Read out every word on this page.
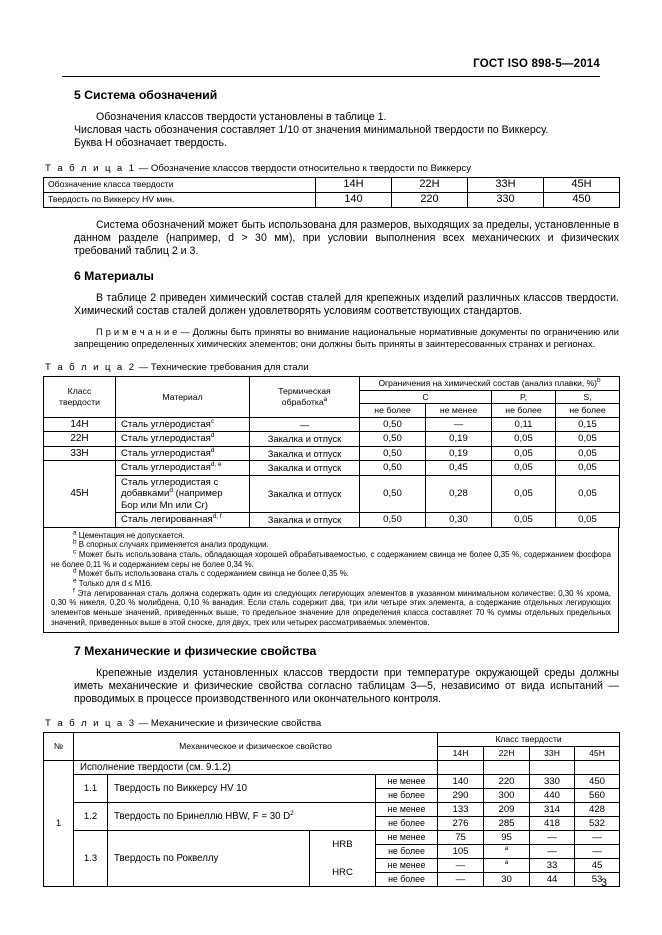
ГОСТ ISO 898-5—2014
5 Система обозначений

Обозначения классов твердости установлены в таблице 1.

Числовая часть обозначения составляет 1/10 от значения минимальной твердости по Виккерсу.

Буква H обозначает твердость.

Т а б л и ц а 1 — Обозначение классов твердости относительно к твердости по Виккерсу
Обозначение класса твердости	14H	22H	33H	45H
Твердость по Виккерсу HV мин.	140	220	330	450

Система обозначений может быть использована для размеров, выходящих за пределы, установленные в данном разделе (например, d > 30 мм), при условии выполнения всех механических и физических требований таблиц 2 и 3.

6 Материалы

В таблице 2 приведен химический состав сталей для крепежных изделий различных классов твердости. Химический состав сталей должен удовлетворять условиям соответствующих стандартов.

П р и м е ч а н и е — Должны быть приняты во внимание национальные нормативные документы по ограничению или запрещению определенных химических элементов; они должны быть приняты в заинтересованных странах и регионах.

Т а б л и ц а 2 — Технические требования для стали
Класс
твердости	Материал	Термическая
обработка$^a$	Ограничения на химический состав (анализ плавки, %)$^b$
			C		P,	S,
			не более	не менее	не более	не более
14H	Сталь углеродистая$^c$	—	0,50	—	0,11	0,15
22H	Сталь углеродистая$^d$	Закалка и отпуск	0,50	0,19	0,05	0,05
33H	Сталь углеродистая$^d$	Закалка и отпуск	0,50	0,19	0,05	0,05
45H	Сталь углеродистая$^{d, e}$	Закалка и отпуск	0,50	0,45	0,05	0,05
	Сталь углеродистая с
добавками$^d$ (например
Бор или Mn или Cr)	Закалка и отпуск	0,50	0,28	0,05	0,05
	Сталь легированная$^{d, f}$	Закалка и отпуск	0,50	0,30	0,05	0,05
$^a$ Цементация не допускается.
$^b$ В спорных случаях применяется анализ продукции.
$^c$ Может быть использована сталь, обладающая хорошей обрабатываемостью, с содержанием свинца не более 0,35 %, содержанием фосфора не более 0,11 % и содержанием серы не более 0,34 %.
$^d$ Может быть использована сталь с содержанием свинца не более 0,35 %.
$^e$ Только для d ≤ M16.
$^f$ Эта легированная сталь должна содержать один из следующих легирующих элементов в указанном минимальном количестве: 0,30 % хрома, 0,30 % никеля, 0,20 % молибдена, 0,10 % ванадия. Если сталь содержит два, три или четыре этих элемента, а содержание отдельных легирующих элементов меньше значений, приведенных выше, то предельное значение для определения класса составляет 70 % суммы отдельных предельных значений, приведенных выше в этой сноске, для двух, трех или четырех рассматриваемых элементов.
7 Механические и физические свойства

Крепежные изделия установленных классов твердости при температуре окружающей среды должны иметь механические и физические свойства согласно таблицам 3—5, независимо от вида испытаний — проводимых в процессе производственного или окончательного контроля.

Т а б л и ц а 3 — Механические и физические свойства
№	Механическое и физическое свойство				Класс твердости			
					14H	22H	33H	45H
1	Исполнение твердости (см. 9.1.2)							
	1.1	Твердость по Виккерсу HV 10		не менее	140	220	330	450
				не более	290	300	440	560
	1.2	Твердость по Бринеллю HBW, F = 30 $D^2$		не менее	133	209	314	428
				не более	276	285	418	532
	1.3	Твердость по Роквеллу	HRB	не менее	75	95	—	—
				не более	105	$^a$	—	—
			HRC	не менее	—	$^a$	33	45
				не более	—	30	44	53
3
